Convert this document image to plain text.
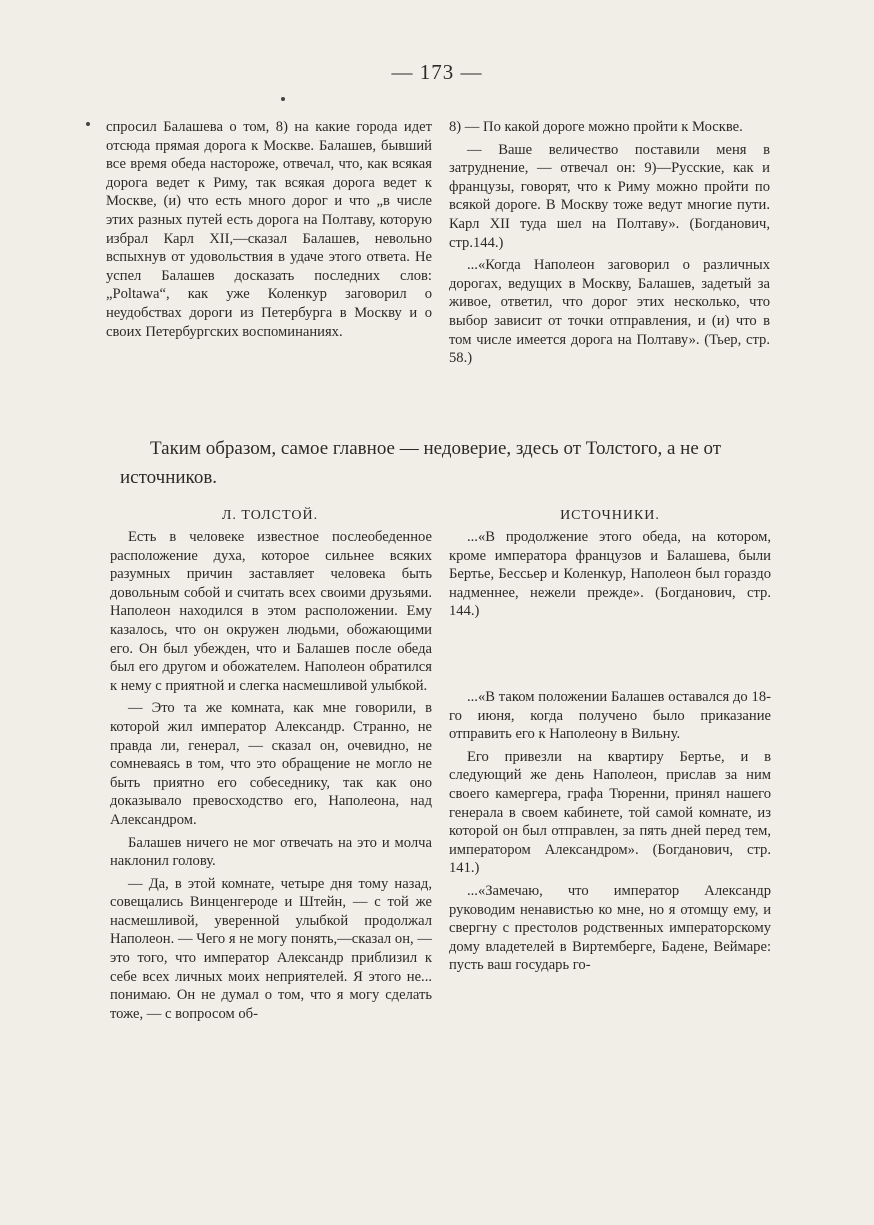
— 173 —

спросил Балашева о том, 8) на какие города идет отсюда прямая дорога к Москве. Балашев, бывший все время обеда настороже, отвечал, что, как всякая дорога ведет к Риму, так всякая дорога ведет к Москве, (и) что есть много дорог и что „в числе этих разных путей есть дорога на Полтаву, которую избрал Карл XII,—сказал Балашев, невольно вспыхнув от удовольствия в удаче этого ответа. Не успел Балашев досказать последних слов: „Poltawa“, как уже Коленкур заговорил о неудобствах дороги из Петербурга в Москву и о своих Петербургских воспоминаниях.

8) — По какой дороге можно пройти к Москве.

— Ваше величество поставили меня в затруднение, — отвечал он: 9)—Русские, как и французы, говорят, что к Риму можно пройти по всякой дороге. В Москву тоже ведут многие пути. Карл XII туда шел на Полтаву». (Богданович, стр.144.)

...«Когда Наполеон заговорил о различных дорогах, ведущих в Москву, Балашев, задетый за живое, ответил, что дорог этих несколько, что выбор зависит от точки отправления, и (и) что в том числе имеется дорога на Полтаву». (Тьер, стр. 58.)

Таким образом, самое главное — недоверие, здесь от Толстого, а не от источников.
Л. ТОЛСТОЙ.	ИСТОЧНИКИ.

Есть в человеке известное послеобеденное расположение духа, которое сильнее всяких разумных причин заставляет человека быть довольным собой и считать всех своими друзьями. Наполеон находился в этом расположении. Ему казалось, что он окружен людьми, обожающими его. Он был убежден, что и Балашев после обеда был его другом и обожателем. Наполеон обратился к нему с приятной и слегка насмешливой улыбкой.

— Это та же комната, как мне говорили, в которой жил император Александр. Странно, не правда ли, генерал, — сказал он, очевидно, не сомневаясь в том, что это обращение не могло не быть приятно его собеседнику, так как оно доказывало превосходство его, Наполеона, над Александром.

Балашев ничего не мог отвечать на это и молча наклонил голову.

— Да, в этой комнате, четыре дня тому назад, совещались Винценгероде и Штейн, — с той же насмешливой, уверенной улыбкой продолжал Наполеон. — Чего я не могу понять,—сказал он, — это того, что император Александр приблизил к себе всех личных моих неприятелей. Я этого не... понимаю. Он не думал о том, что я могу сделать тоже, — с вопросом об-

...«В продолжение этого обеда, на котором, кроме императора французов и Балашева, были Бертье, Бессьер и Коленкур, Наполеон был гораздо надменнее, нежели прежде». (Богданович, стр. 144.)

...«В таком положении Балашев оставался до 18-го июня, когда получено было приказание отправить его к Наполеону в Вильну.

Его привезли на квартиру Бертье, и в следующий же день Наполеон, прислав за ним своего камергера, графа Тюренни, принял нашего генерала в своем кабинете, той самой комнате, из которой он был отправлен, за пять дней перед тем, императором Александром». (Богданович, стр. 141.)

...«Замечаю, что император Александр руководим ненавистью ко мне, но я отомщу ему, и свергну с престолов родственных императорскому дому владетелей в Виртемберге, Бадене, Веймаре: пусть ваш государь го-
